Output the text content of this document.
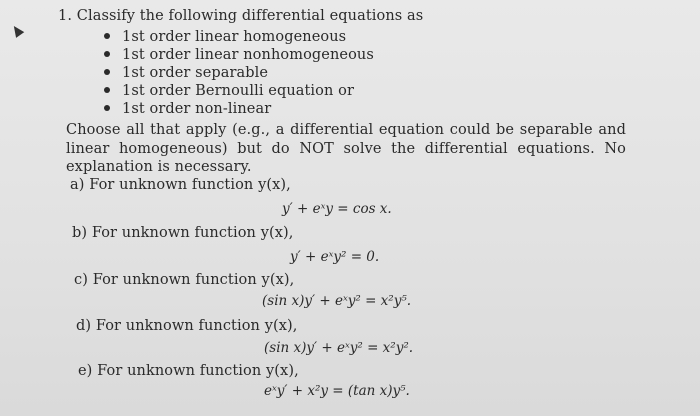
1. Classify the following differential equations as
1st order linear homogeneous
1st order linear nonhomogeneous
1st order separable
1st order Bernoulli equation or
1st order non-linear
Choose all that apply (e.g., a differential equation could be separable and linear homogeneous) but do NOT solve the differential equations. No explanation is necessary.
a) For unknown function y(x),
y′ + eˣy = cos x.
b) For unknown function y(x),
y′ + eˣy² = 0.
c) For unknown function y(x),
(sin x)y′ + eˣy² = x²y⁵.
d) For unknown function y(x),
(sin x)y′ + eˣy² = x²y².
e) For unknown function y(x),
eˣy′ + x²y = (tan x)y⁵.
